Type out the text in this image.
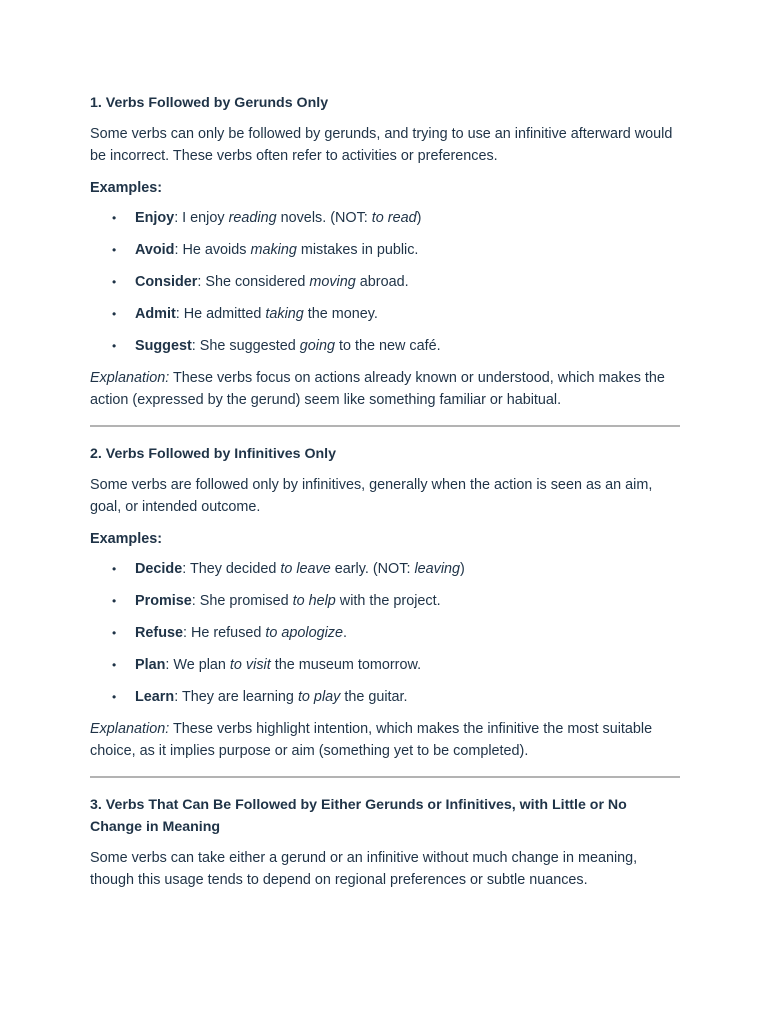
1. Verbs Followed by Gerunds Only

Some verbs can only be followed by gerunds, and trying to use an infinitive afterward would be incorrect. These verbs often refer to activities or preferences.

Examples:

• Enjoy: I enjoy reading novels. (NOT: to read)
• Avoid: He avoids making mistakes in public.
• Consider: She considered moving abroad.
• Admit: He admitted taking the money.
• Suggest: She suggested going to the new café.

Explanation: These verbs focus on actions already known or understood, which makes the action (expressed by the gerund) seem like something familiar or habitual.

2. Verbs Followed by Infinitives Only

Some verbs are followed only by infinitives, generally when the action is seen as an aim, goal, or intended outcome.

Examples:

• Decide: They decided to leave early. (NOT: leaving)
• Promise: She promised to help with the project.
• Refuse: He refused to apologize.
• Plan: We plan to visit the museum tomorrow.
• Learn: They are learning to play the guitar.

Explanation: These verbs highlight intention, which makes the infinitive the most suitable choice, as it implies purpose or aim (something yet to be completed).

3. Verbs That Can Be Followed by Either Gerunds or Infinitives, with Little or No Change in Meaning

Some verbs can take either a gerund or an infinitive without much change in meaning, though this usage tends to depend on regional preferences or subtle nuances.
